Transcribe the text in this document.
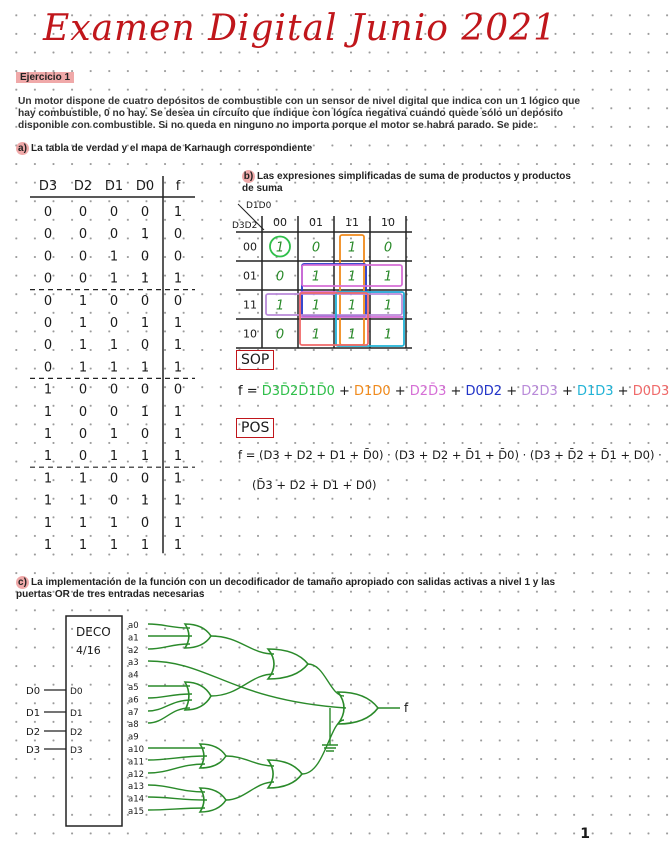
Examen Digital Junio 2021
Ejercicio 1
Un motor dispone de cuatro depósitos de combustible con un sensor de nivel digital que indica con un 1 lógico que hay combustible, 0 no hay. Se desea un circuito que indique con lógica negativa cuando quede sólo un depósito disponible con combustible. Si no queda en ninguno no importa porque el motor se habrá parado. Se pide:
a) La tabla de verdad y el mapa de Karnaugh correspondiente
b) Las expresiones simplificadas de suma de productos y productos de suma
c) La implementación de la función con un decodificador de tamaño apropiado con salidas activas a nivel 1 y las puertas OR de tres entradas necesarias
D3 D2 D1 D0 f
0 0 0 0 1
0 0 0 1 0
0 0 1 0 0
0 0 1 1 1
0 1 0 0 0
0 1 0 1 1
0 1 1 0 1
0 1 1 1 1
1 0 0 0 0
1 0 0 1 1
1 0 1 0 1
1 0 1 1 1
1 1 0 0 1
1 1 0 1 1
1 1 1 0 1
1 1 1 1 1
D1D0
D3D2 00 01 11 10
00
01
11
10
1 0 1 0
0 1 1 1
1 1 1 1
0 1 1 1
DECO
4/16
D0	D0
D1	D1
D2	D2
D3	D3
a0
a1
a2
a3
a4
a5
a6
a7
a8
a9
a10
a11
a12
a13
a14
a15
f
SOP
f = D̄3D̄2D̄1D̄0 + D1D0 + D2D̄3 + D0D2 + D2D3 + D1D3 + D0D3
POS
f = (D3 + D2 + D1 + D̄0) · (D3 + D2 + D̄1 + D̄0) · (D3 + D̄2 + D̄1 + D0) ·
(D̄3 + D2 + D1 + D0)
1
